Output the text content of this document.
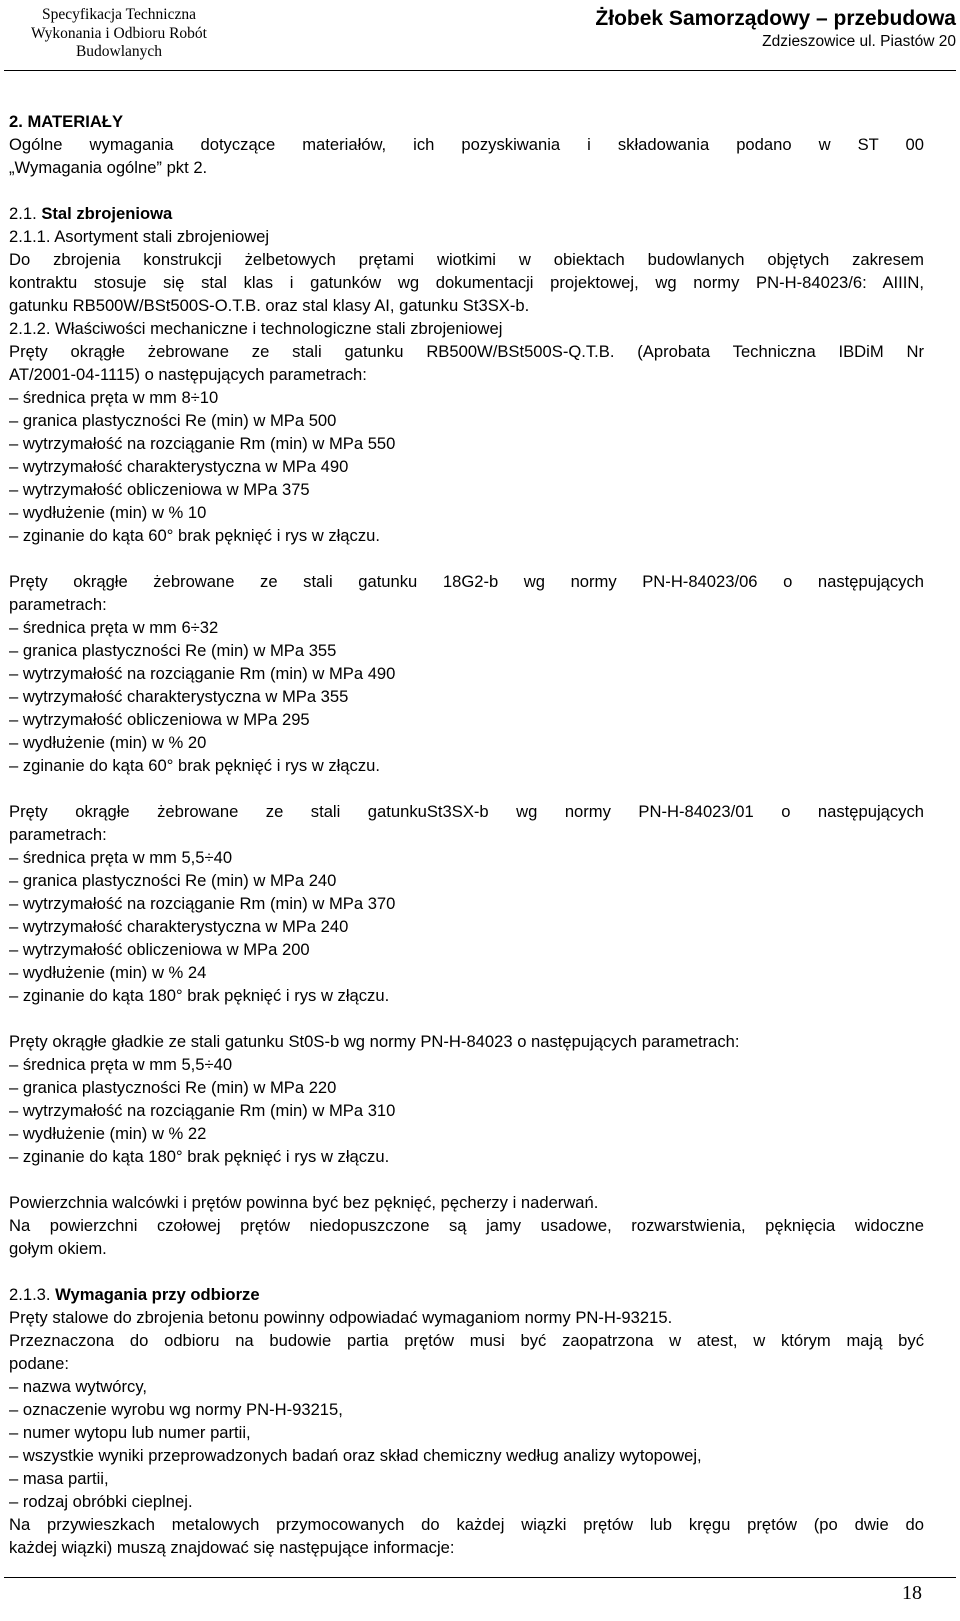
Specyfikacja Techniczna
Wykonania i Odbioru Robót
Budowlanych
Żłobek Samorządowy – przebudowa
Zdzieszowice ul. Piastów 20

2. MATERIAŁY

Ogólne wymagania dotyczące materiałów, ich pozyskiwania i składowania podano w ST 00

„Wymagania ogólne” pkt 2.

2.1. Stal zbrojeniowa

2.1.1. Asortyment stali zbrojeniowej

Do zbrojenia konstrukcji żelbetowych prętami wiotkimi w obiektach budowlanych objętych zakresem

kontraktu stosuje się stal klas i gatunków wg dokumentacji projektowej, wg normy PN-H-84023/6: AIIIN,

gatunku RB500W/BSt500S-O.T.B. oraz stal klasy AI, gatunku St3SX-b.

2.1.2. Właściwości mechaniczne i technologiczne stali zbrojeniowej

Pręty okrągłe żebrowane ze stali gatunku RB500W/BSt500S-Q.T.B. (Aprobata Techniczna IBDiM Nr

AT/2001-04-1115) o następujących parametrach:

– średnica pręta w mm 8÷10

– granica plastyczności Re (min) w MPa 500

– wytrzymałość na rozciąganie Rm (min) w MPa 550

– wytrzymałość charakterystyczna w MPa 490

– wytrzymałość obliczeniowa w MPa 375

– wydłużenie (min) w % 10

– zginanie do kąta 60° brak pęknięć i rys w złączu.

Pręty okrągłe żebrowane ze stali gatunku 18G2-b wg normy PN-H-84023/06 o następujących

parametrach:

– średnica pręta w mm 6÷32

– granica plastyczności Re (min) w MPa 355

– wytrzymałość na rozciąganie Rm (min) w MPa 490

– wytrzymałość charakterystyczna w MPa 355

– wytrzymałość obliczeniowa w MPa 295

– wydłużenie (min) w % 20

– zginanie do kąta 60° brak pęknięć i rys w złączu.

Pręty okrągłe żebrowane ze stali gatunkuSt3SX-b wg normy PN-H-84023/01 o następujących

parametrach:

– średnica pręta w mm 5,5÷40

– granica plastyczności Re (min) w MPa 240

– wytrzymałość na rozciąganie Rm (min) w MPa 370

– wytrzymałość charakterystyczna w MPa 240

– wytrzymałość obliczeniowa w MPa 200

– wydłużenie (min) w % 24

– zginanie do kąta 180° brak pęknięć i rys w złączu.

Pręty okrągłe gładkie ze stali gatunku St0S-b wg normy PN-H-84023 o następujących parametrach:

– średnica pręta w mm 5,5÷40

– granica plastyczności Re (min) w MPa 220

– wytrzymałość na rozciąganie Rm (min) w MPa 310

– wydłużenie (min) w % 22

– zginanie do kąta 180° brak pęknięć i rys w złączu.

Powierzchnia walcówki i prętów powinna być bez pęknięć, pęcherzy i naderwań.

Na powierzchni czołowej prętów niedopuszczone są jamy usadowe, rozwarstwienia, pęknięcia widoczne

gołym okiem.

2.1.3. Wymagania przy odbiorze

Pręty stalowe do zbrojenia betonu powinny odpowiadać wymaganiom normy PN-H-93215.

Przeznaczona do odbioru na budowie partia prętów musi być zaopatrzona w atest, w którym mają być

podane:

– nazwa wytwórcy,

– oznaczenie wyrobu wg normy PN-H-93215,

– numer wytopu lub numer partii,

– wszystkie wyniki przeprowadzonych badań oraz skład chemiczny według analizy wytopowej,

– masa partii,

– rodzaj obróbki cieplnej.

Na przywieszkach metalowych przymocowanych do każdej wiązki prętów lub kręgu prętów (po dwie do

każdej wiązki) muszą znajdować się następujące informacje:

18
